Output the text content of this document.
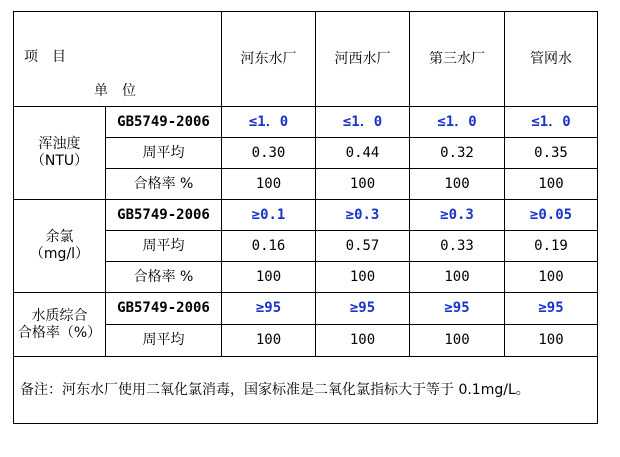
项　目
单　位		河东水厂	河西水厂	第三水厂	管网水

浑浊度
（NTU）	GB5749-2006	≤1．0	≤1．0	≤1．0	≤1．0
	周平均	0.30	0.44	0.32	0.35
	合格率 %	100	100	100	100

余氯
（mg/l）	GB5749-2006	≥0.1	≥0.3	≥0.3	≥0.05
	周平均	0.16	0.57	0.33	0.19
	合格率 %	100	100	100	100

水质综合
合格率（%）	GB5749-2006	≥95	≥95	≥95	≥95
	周平均	100	100	100	100
备注：河东水厂使用二氧化氯消毒，国家标准是二氧化氯指标大于等于 0.1mg/L。					
